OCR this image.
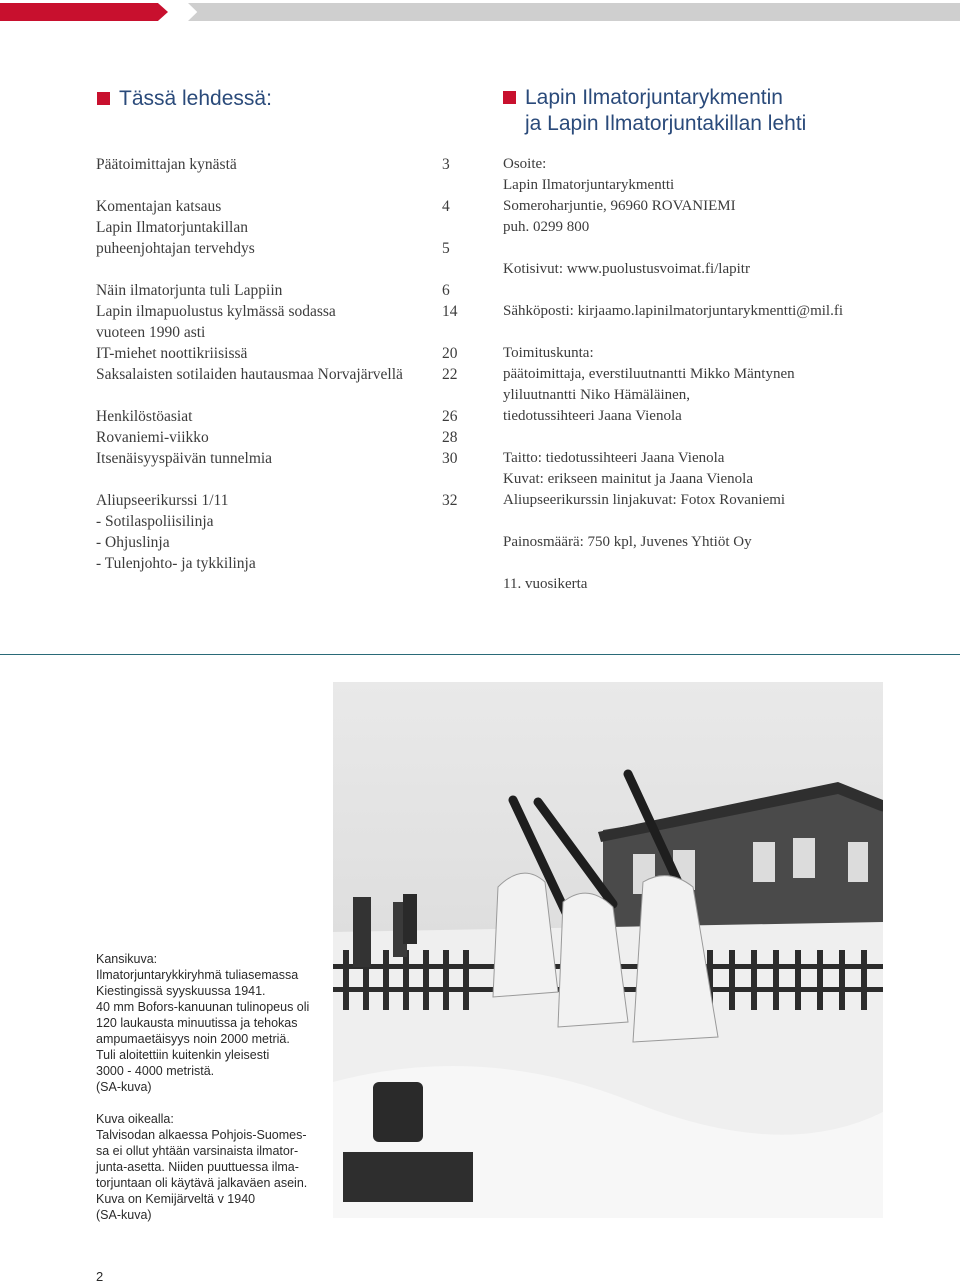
Tässä lehdessä:
Päätoimittajan kynästä	3
Komentajan katsaus	4
Lapin Ilmatorjuntakillan
puheenjohtajan tervehdys	5
Näin ilmatorjunta tuli Lappiin	6
Lapin ilmapuolustus kylmässä sodassa	14
vuoteen 1990 asti
IT-miehet noottikriisissä	20
Saksalaisten sotilaiden hautausmaa Norvajärvellä	22
Henkilöstöasiat	26
Rovaniemi-viikko	28
Itsenäisyyspäivän tunnelmia	30
Aliupseerikurssi 1/11	32
- Sotilaspoliisilinja
- Ohjuslinja
- Tulenjohto- ja tykkilinja
Lapin Ilmatorjuntarykmentin
ja Lapin Ilmatorjuntakillan lehti
Osoite:
Lapin Ilmatorjuntarykmentti
Someroharjuntie, 96960 ROVANIEMI
puh. 0299 800
Kotisivut: www.puolustusvoimat.fi/lapitr
Sähköposti: kirjaamo.lapinilmatorjuntarykmentti@mil.fi
Toimituskunta:
päätoimittaja, everstiluutnantti Mikko Mäntynen
yliluutnantti Niko Hämäläinen,
tiedotussihteeri Jaana Vienola
Taitto: tiedotussihteeri Jaana Vienola
Kuvat: erikseen mainitut ja Jaana Vienola
Aliupseerikurssin linjakuvat: Fotox Rovaniemi
Painosmäärä: 750 kpl, Juvenes Yhtiöt Oy
11. vuosikerta
Kansikuva:
Ilmatorjuntarykkiryhmä tuliasemassa
Kiestingissä syyskuussa 1941.
40 mm Bofors-kanuunan tulinopeus oli
120 laukausta minuutissa ja tehokas
ampumaetäisyys noin 2000 metriä.
Tuli aloitettiin kuitenkin yleisesti
3000 - 4000 metristä.
(SA-kuva)
Kuva oikealla:
Talvisodan alkaessa Pohjois-Suomes-
sa ei ollut yhtään varsinaista ilmator-
junta-asetta. Niiden puuttuessa ilma-
torjuntaan oli käytävä jalkaväen asein.
Kuva on Kemijärveltä v 1940
(SA-kuva)
2
